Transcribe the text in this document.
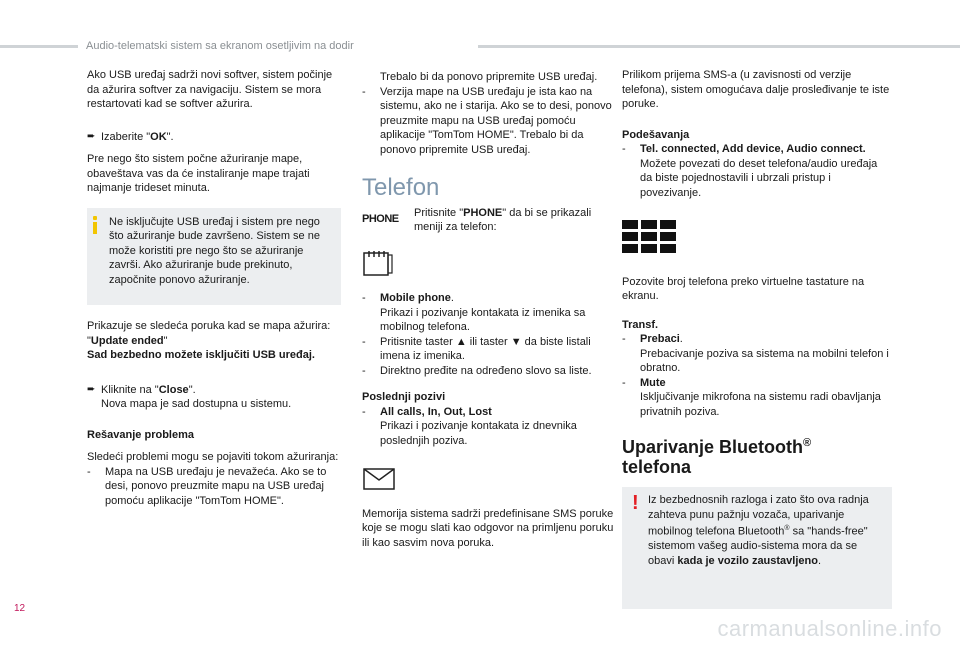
Audio-telematski sistem sa ekranom osetljivim na dodir

Ako USB uređaj sadrži novi softver, sistem počinje da ažurira softver za navigaciju. Sistem se mora restartovati kad se softver ažurira.

➨ Izaberite "OK".

Pre nego što sistem počne ažuriranje mape, obaveštava vas da će instaliranje mape trajati najmanje trideset minuta.

Ne isključujte USB uređaj i sistem pre nego što ažuriranje bude završeno. Sistem se ne može koristiti pre nego što se ažuriranje završi. Ako ažuriranje bude prekinuto, započnite ponovo ažuriranje.
Prikazuje se sledeća poruka kad se mapa ažurira:
"Update ended"
Sad bezbedno možete isključiti USB uređaj.
➨ Kliknite na "Close".
Nova mapa je sad dostupna u sistemu.

Rešavanje problema

Sledeći problemi mogu se pojaviti tokom ažuriranja:
-	Mapa na USB uređaju je nevažeća. Ako se to desi, ponovo preuzmite mapu na USB uređaj pomoću aplikacije "TomTom HOME".
Trebalo bi da ponovo pripremite USB uređaj.
-	Verzija mape na USB uređaju je ista kao na sistemu, ako ne i starija. Ako se to desi, ponovo preuzmite mapu na USB uređaj pomoću aplikacije "TomTom HOME". Trebalo bi da ponovo pripremite USB uređaj.
Telefon
PHONE	Pritisnite "PHONE" da bi se prikazali meniji za telefon:
-	Mobile phone.
Prikazi i pozivanje kontakata iz imenika sa mobilnog telefona.
-	Pritisnite taster ▲ ili taster ▼ da biste listali imena iz imenika.
-	Direktno pređite na određeno slovo sa liste.
Poslednji pozivi
-	All calls, In, Out, Lost
Prikazi i pozivanje kontakata iz dnevnika poslednjih poziva.
Memorija sistema sadrži predefinisane SMS poruke koje se mogu slati kao odgovor na primljenu poruku ili kao sasvim nova poruka.

Prilikom prijema SMS-a (u zavisnosti od verzije telefona), sistem omogućava dalje prosleđivanje te iste poruke.

Podešavanja
-	Tel. connected, Add device, Audio connect.
Možete povezati do deset telefona/audio uređaja da biste pojednostavili i ubrzali pristup i povezivanje.

Pozovite broj telefona preko virtuelne tastature na ekranu.

Transf.
-	Prebaci.
Prebacivanje poziva sa sistema na mobilni telefon i obratno.
-	Mute
Isključivanje mikrofona na sistemu radi obavljanja privatnih poziva.
Uparivanje Bluetooth®
telefona
! Iz bezbednosnih razloga i zato što ova radnja zahteva punu pažnju vozača, uparivanje mobilnog telefona Bluetooth® sa "hands-free" sistemom vašeg audio-sistema mora da se obavi kada je vozilo zaustavljeno.
12
carmanualsonline.info
